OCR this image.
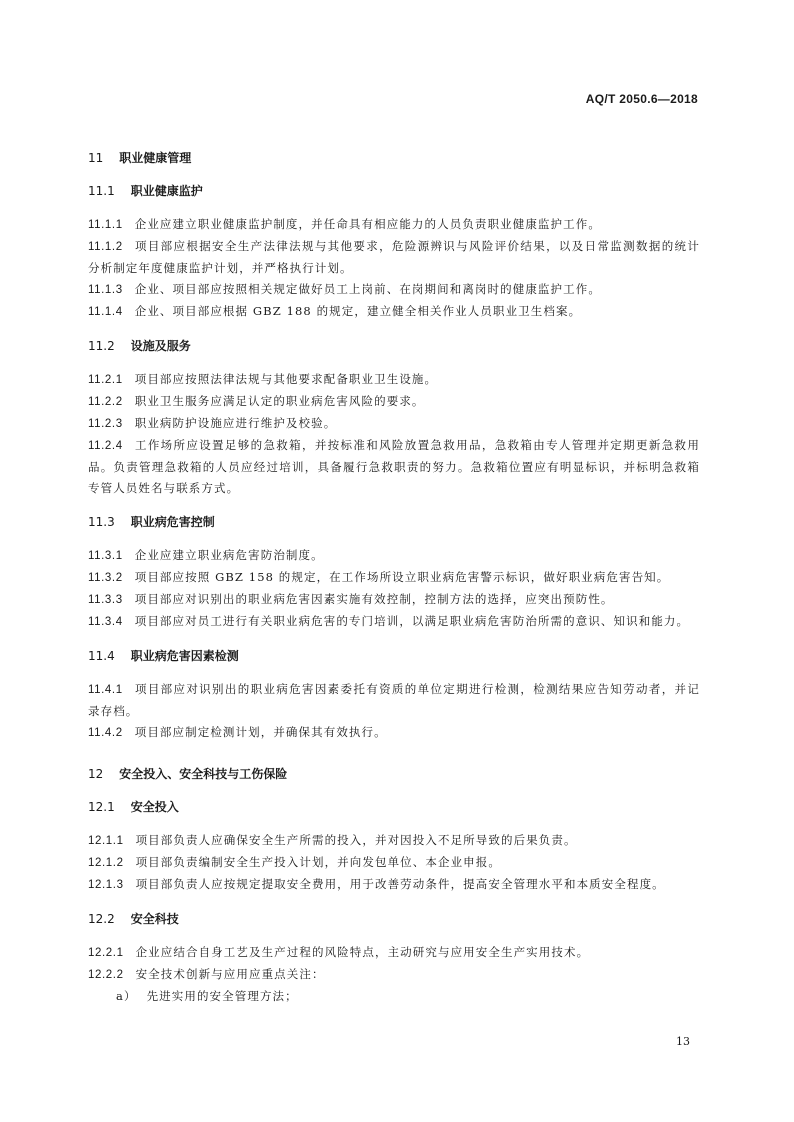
AQ/T 2050.6—2018

11 职业健康管理

11.1 职业健康监护

11.1.1 企业应建立职业健康监护制度，并任命具有相应能力的人员负责职业健康监护工作。

11.1.2 项目部应根据安全生产法律法规与其他要求，危险源辨识与风险评价结果，以及日常监测数据的统计分析制定年度健康监护计划，并严格执行计划。

11.1.3 企业、项目部应按照相关规定做好员工上岗前、在岗期间和离岗时的健康监护工作。

11.1.4 企业、项目部应根据 GBZ 188 的规定，建立健全相关作业人员职业卫生档案。

11.2 设施及服务

11.2.1 项目部应按照法律法规与其他要求配备职业卫生设施。

11.2.2 职业卫生服务应满足认定的职业病危害风险的要求。

11.2.3 职业病防护设施应进行维护及校验。

11.2.4 工作场所应设置足够的急救箱，并按标准和风险放置急救用品，急救箱由专人管理并定期更新急救用品。负责管理急救箱的人员应经过培训，具备履行急救职责的努力。急救箱位置应有明显标识，并标明急救箱专管人员姓名与联系方式。

11.3 职业病危害控制

11.3.1 企业应建立职业病危害防治制度。

11.3.2 项目部应按照 GBZ 158 的规定，在工作场所设立职业病危害警示标识，做好职业病危害告知。

11.3.3 项目部应对识别出的职业病危害因素实施有效控制，控制方法的选择，应突出预防性。

11.3.4 项目部应对员工进行有关职业病危害的专门培训，以满足职业病危害防治所需的意识、知识和能力。

11.4 职业病危害因素检测

11.4.1 项目部应对识别出的职业病危害因素委托有资质的单位定期进行检测，检测结果应告知劳动者，并记录存档。

11.4.2 项目部应制定检测计划，并确保其有效执行。

12 安全投入、安全科技与工伤保险

12.1 安全投入

12.1.1 项目部负责人应确保安全生产所需的投入，并对因投入不足所导致的后果负责。

12.1.2 项目部负责编制安全生产投入计划，并向发包单位、本企业申报。

12.1.3 项目部负责人应按规定提取安全费用，用于改善劳动条件，提高安全管理水平和本质安全程度。

12.2 安全科技

12.2.1 企业应结合自身工艺及生产过程的风险特点，主动研究与应用安全生产实用技术。

12.2.2 安全技术创新与应用应重点关注：

a） 先进实用的安全管理方法；

13
